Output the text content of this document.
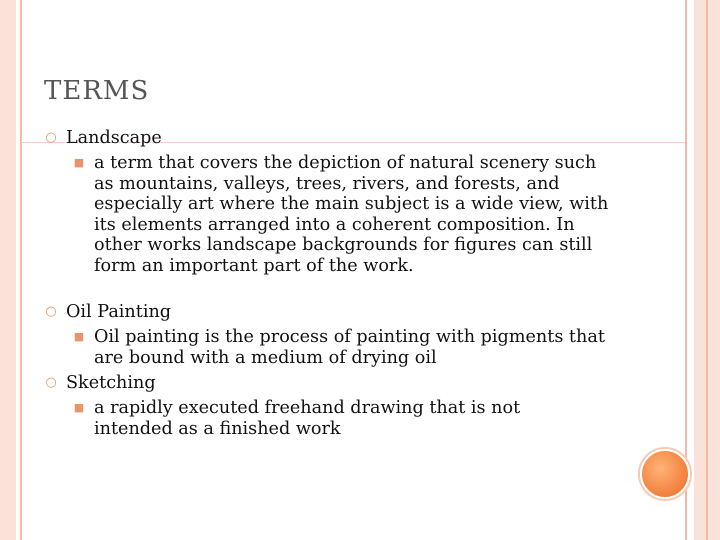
TERMS
○ Landscape
■ a term that covers the depiction of natural scenery such as mountains, valleys, trees, rivers, and forests, and especially art where the main subject is a wide view, with its elements arranged into a coherent composition. In other works landscape backgrounds for figures can still form an important part of the work.
○ Oil Painting
■ Oil painting is the process of painting with pigments that are bound with a medium of drying oil
○ Sketching
■ a rapidly executed freehand drawing that is not intended as a finished work
